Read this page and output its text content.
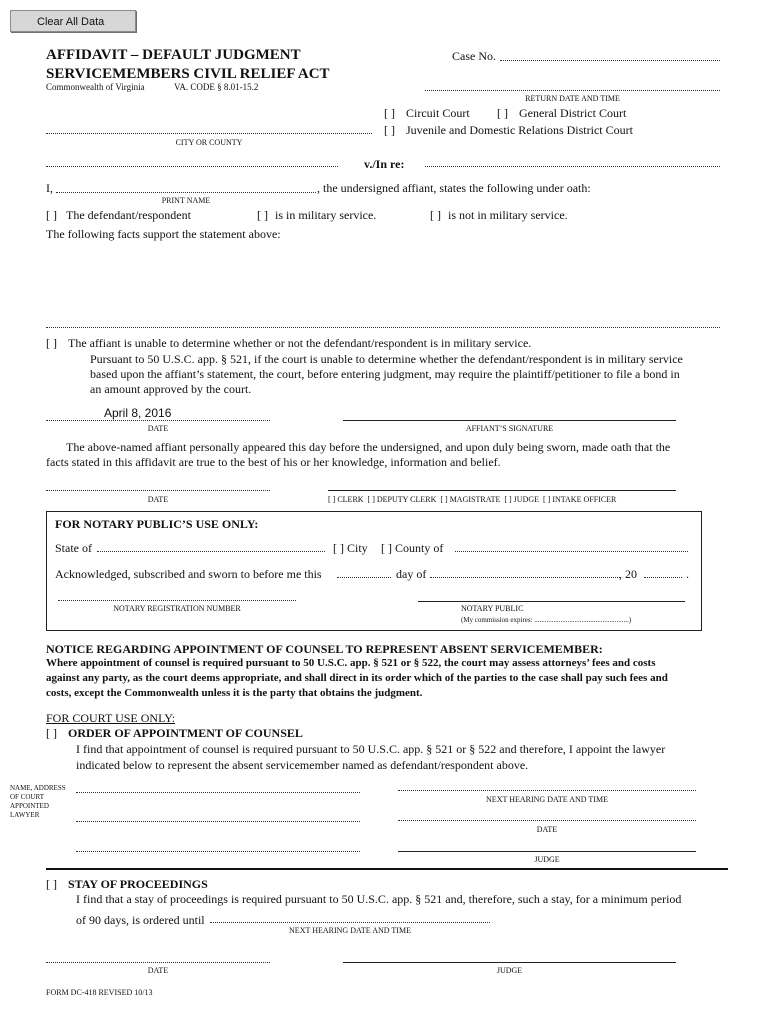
Clear All Data
AFFIDAVIT – DEFAULT JUDGMENT
SERVICEMEMBERS CIVIL RELIEF ACT
Commonwealth of Virginia	VA. CODE § 8.01-15.2
Case No.
RETURN DATE AND TIME
[ ] Circuit Court [ ] General District Court
[ ] Juvenile and Domestic Relations District Court
CITY OR COUNTY
v./In re:
I,	, the undersigned affiant, states the following under oath:
PRINT NAME
[ ] The defendant/respondent	[ ] is in military service.	[ ] is not in military service.
The following facts support the statement above:
[ ] The affiant is unable to determine whether or not the defendant/respondent is in military service.
Pursuant to 50 U.S.C. app. § 521, if the court is unable to determine whether the defendant/respondent is in military service
based upon the affiant’s statement, the court, before entering judgment, may require the plaintiff/petitioner to file a bond in
an amount approved by the court.
April 8, 2016
DATE	AFFIANT’S SIGNATURE
The above-named affiant personally appeared this day before the undersigned, and upon duly being sworn, made oath that the
facts stated in this affidavit are true to the best of his or her knowledge, information and belief.
DATE	[ ] CLERK  [ ] DEPUTY CLERK  [ ] MAGISTRATE  [ ] JUDGE  [ ] INTAKE OFFICER
FOR NOTARY PUBLIC’S USE ONLY:
State of	[ ] City [ ] County of
Acknowledged, subscribed and sworn to before me this	day of	, 20	.
NOTARY REGISTRATION NUMBER	NOTARY PUBLIC
(My commission expires: ......................................................)
NOTICE REGARDING APPOINTMENT OF COUNSEL TO REPRESENT ABSENT SERVICEMEMBER:
Where appointment of counsel is required pursuant to 50 U.S.C. app. § 521 or § 522, the court may assess attorneys’ fees and costs
against any party, as the court deems appropriate, and shall direct in its order which of the parties to the case shall pay such fees and
costs, except the Commonwealth unless it is the party that obtains the judgment.
FOR COURT USE ONLY:
[ ] ORDER OF APPOINTMENT OF COUNSEL
I find that appointment of counsel is required pursuant to 50 U.S.C. app. § 521 or § 522 and therefore, I appoint the lawyer
indicated below to represent the absent servicemember named as defendant/respondent above.
NAME, ADDRESS
OF COURT
APPOINTED
LAWYER
NEXT HEARING DATE AND TIME
DATE
JUDGE
[ ] STAY OF PROCEEDINGS
I find that a stay of proceedings is required pursuant to 50 U.S.C. app. § 521 and, therefore, such a stay, for a minimum period
of 90 days, is ordered until
NEXT HEARING DATE AND TIME
DATE	JUDGE
FORM DC-418 REVISED 10/13
